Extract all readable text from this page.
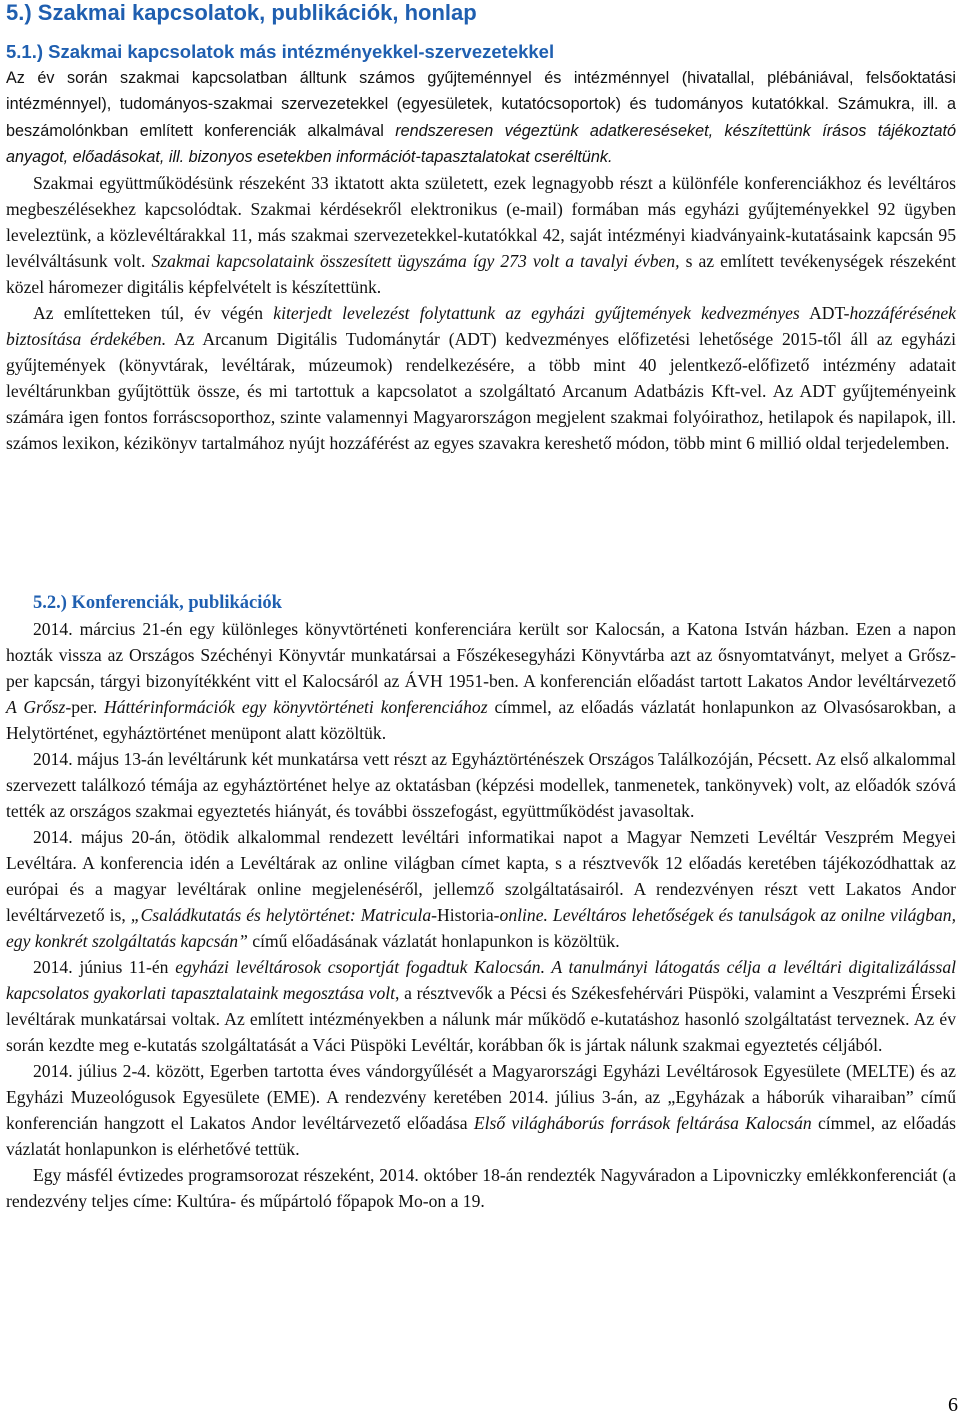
5.) Szakmai kapcsolatok, publikációk, honlap
5.1.) Szakmai kapcsolatok más intézményekkel-szervezetekkel

Az év során szakmai kapcsolatban álltunk számos gyűjteménnyel és intézménnyel (hivatallal, plébániával, felsőoktatási intézménnyel), tudományos-szakmai szervezetekkel (egyesületek, kutatócsoportok) és tudományos kutatókkal. Számukra, ill. a beszámolónkban említett konferenciák alkalmával rendszeresen végeztünk adatkereséseket, készítettünk írásos tájékoztató anyagot, előadásokat, ill. bizonyos esetekben információt-tapasztalatokat cseréltünk.

Szakmai együttműködésünk részeként 33 iktatott akta született, ezek legnagyobb részt a különféle konferenciákhoz és levéltáros megbeszélésekhez kapcsolódtak. Szakmai kérdésekről elektronikus (e-mail) formában más egyházi gyűjteményekkel 92 ügyben leveleztünk, a közlevéltárakkal 11, más szakmai szervezetekkel-kutatókkal 42, saját intézményi kiadványaink-kutatásaink kapcsán 95 levélváltásunk volt. Szakmai kapcsolataink összesített ügyszáma így 273 volt a tavalyi évben, s az említett tevékenységek részeként közel háromezer digitális képfelvételt is készítettünk.

Az említetteken túl, év végén kiterjedt levelezést folytattunk az egyházi gyűjtemények kedvezményes ADT-hozzáférésének biztosítása érdekében. Az Arcanum Digitális Tudománytár (ADT) kedvezményes előfizetési lehetősége 2015-től áll az egyházi gyűjtemények (könyvtárak, levéltárak, múzeumok) rendelkezésére, a több mint 40 jelentkező-előfizető intézmény adatait levéltárunkban gyűjtöttük össze, és mi tartottuk a kapcsolatot a szolgáltató Arcanum Adatbázis Kft-vel. Az ADT gyűjteményeink számára igen fontos forráscsoporthoz, szinte valamennyi Magyarországon megjelent szakmai folyóirathoz, hetilapok és napilapok, ill. számos lexikon, kézikönyv tartalmához nyújt hozzáférést az egyes szavakra kereshető módon, több mint 6 millió oldal terjedelemben.

5.2.) Konferenciák, publikációk

2014. március 21-én egy különleges könyvtörténeti konferenciára került sor Kalocsán, a Katona István házban. Ezen a napon hozták vissza az Országos Széchényi Könyvtár munkatársai a Főszékesegyházi Könyvtárba azt az ősnyomtatványt, melyet a Grősz-per kapcsán, tárgyi bizonyítékként vitt el Kalocsáról az ÁVH 1951-ben. A konferencián előadást tartott Lakatos Andor levéltárvezető A Grősz-per. Háttérinformációk egy könyvtörténeti konferenciához címmel, az előadás vázlatát honlapunkon az Olvasósarokban, a Helytörténet, egyháztörténet menüpont alatt közöltük.

2014. május 13-án levéltárunk két munkatársa vett részt az Egyháztörténészek Országos Találkozóján, Pécsett. Az első alkalommal szervezett találkozó témája az egyháztörténet helye az oktatásban (képzési modellek, tanmenetek, tankönyvek) volt, az előadók szóvá tették az országos szakmai egyeztetés hiányát, és további összefogást, együttműködést javasoltak.

2014. május 20-án, ötödik alkalommal rendezett levéltári informatikai napot a Magyar Nemzeti Levéltár Veszprém Megyei Levéltára. A konferencia idén a Levéltárak az online világban címet kapta, s a résztvevők 12 előadás keretében tájékozódhattak az európai és a magyar levéltárak online megjelenéséről, jellemző szolgáltatásairól. A rendezvényen részt vett Lakatos Andor levéltárvezető is, „Családkutatás és helytörténet: Matricula-Historia-online. Levéltáros lehetőségek és tanulságok az onilne világban, egy konkrét szolgáltatás kapcsán” című előadásának vázlatát honlapunkon is közöltük.

2014. június 11-én egyházi levéltárosok csoportját fogadtuk Kalocsán. A tanulmányi látogatás célja a levéltári digitalizálással kapcsolatos gyakorlati tapasztalataink megosztása volt, a résztvevők a Pécsi és Székesfehérvári Püspöki, valamint a Veszprémi Érseki levéltárak munkatársai voltak. Az említett intézményekben a nálunk már működő e-kutatáshoz hasonló szolgáltatást terveznek. Az év során kezdte meg e-kutatás szolgáltatását a Váci Püspöki Levéltár, korábban ők is jártak nálunk szakmai egyeztetés céljából.

2014. július 2-4. között, Egerben tartotta éves vándorgyűlését a Magyarországi Egyházi Levéltárosok Egyesülete (MELTE) és az Egyházi Muzeológusok Egyesülete (EME). A rendezvény keretében 2014. július 3-án, az „Egyházak a háborúk viharaiban” című konferencián hangzott el Lakatos Andor levéltárvezető előadása Első világháborús források feltárása Kalocsán címmel, az előadás vázlatát honlapunkon is elérhetővé tettük.

Egy másfél évtizedes programsorozat részeként, 2014. október 18-án rendezték Nagyváradon a Lipovniczky emlékkonferenciát (a rendezvény teljes címe: Kultúra- és műpártoló főpapok Mo-on a 19.

6
